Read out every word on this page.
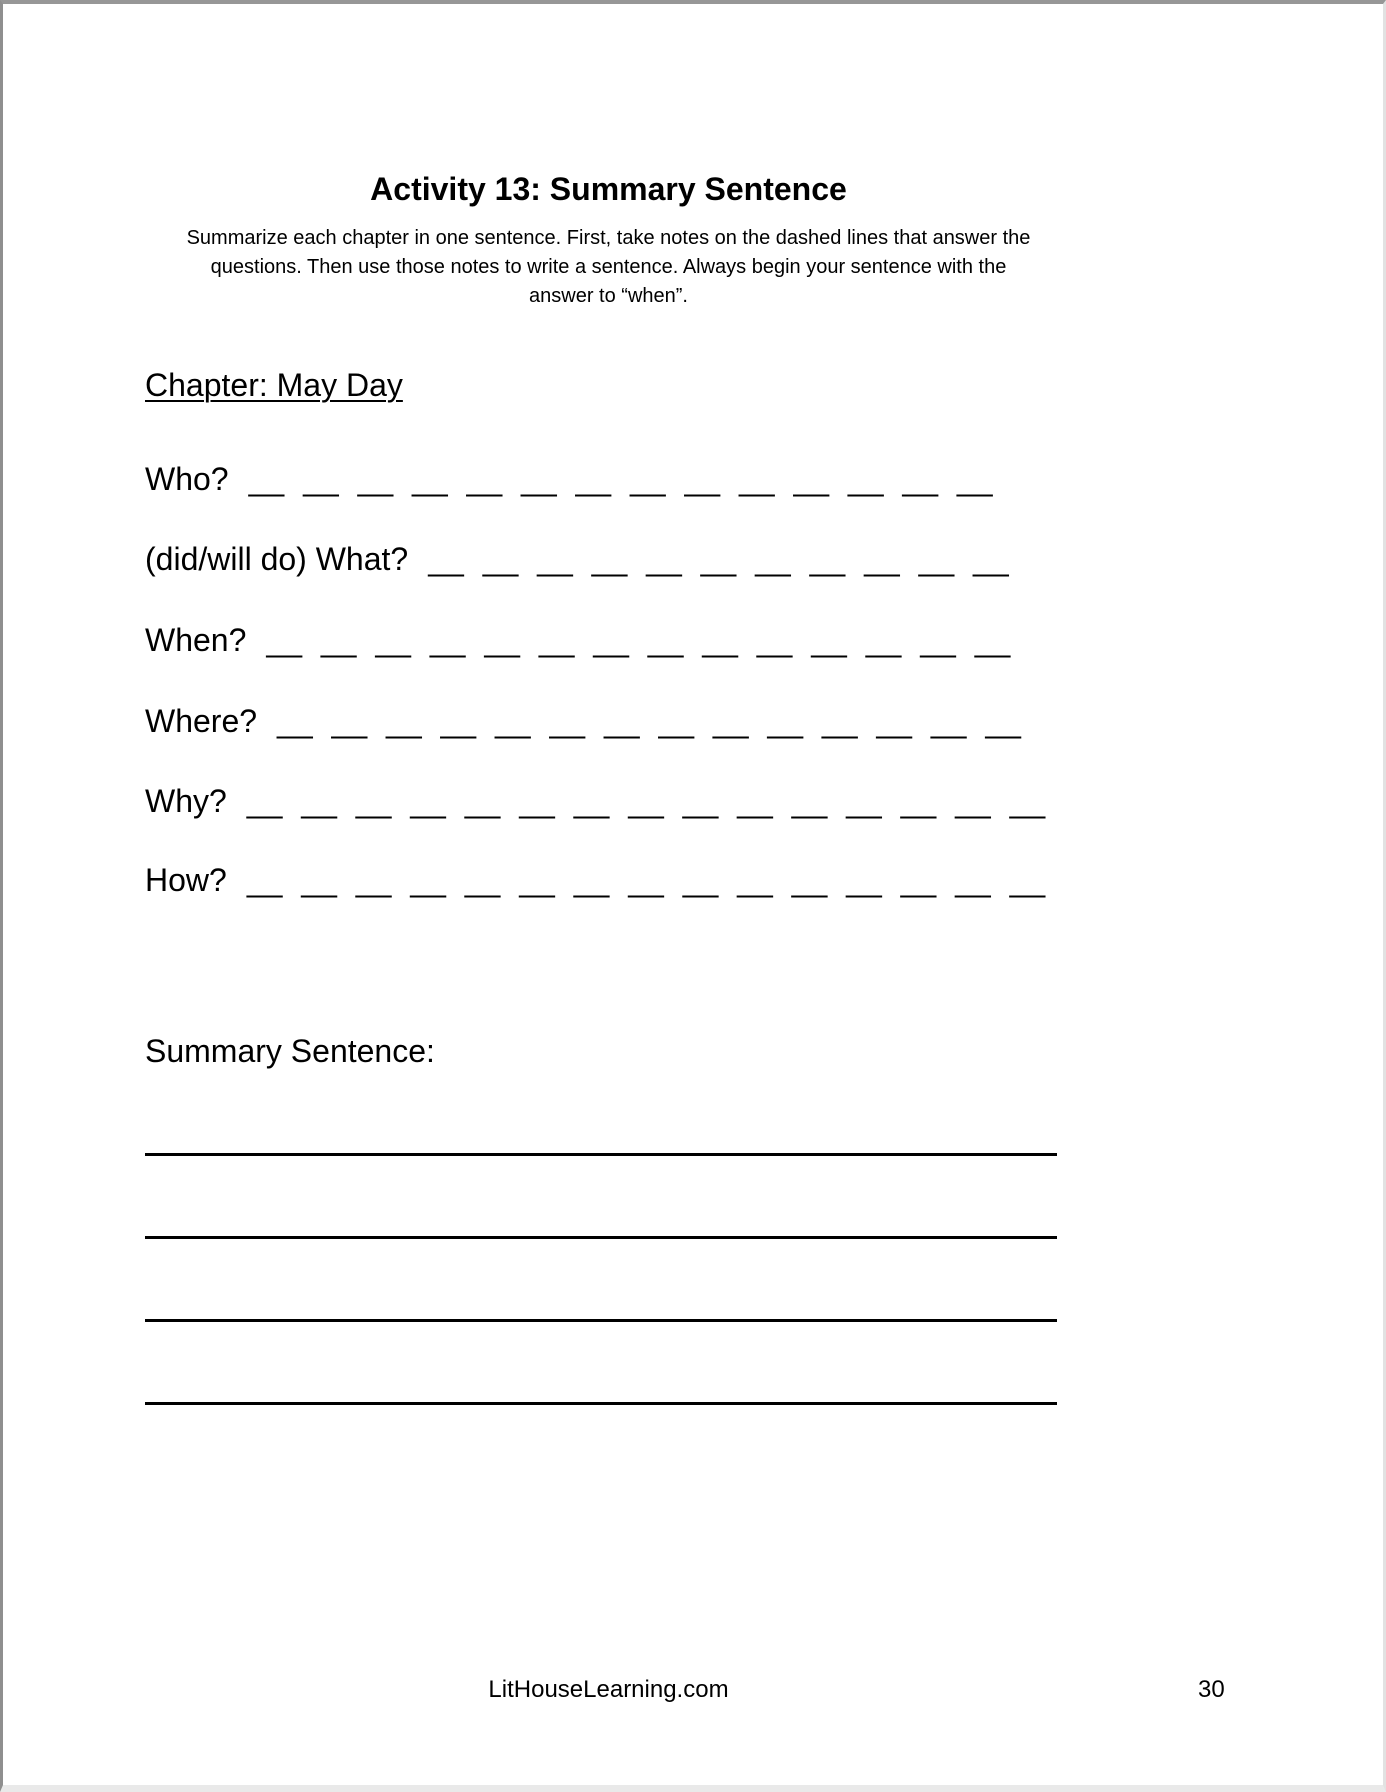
Activity 13: Summary Sentence
Summarize each chapter in one sentence. First, take notes on the dashed lines that answer the
questions. Then use those notes to write a sentence. Always begin your sentence with the
answer to “when”.
Chapter: May Day
Who? __ __ __ __ __ __ __ __ __ __ __ __ __ __
(did/will do) What? __ __ __ __ __ __ __ __ __ __ __
When? __ __ __ __ __ __ __ __ __ __ __ __ __ __
Where? __ __ __ __ __ __ __ __ __ __ __ __ __ __
Why? __ __ __ __ __ __ __ __ __ __ __ __ __ __ __
How? __ __ __ __ __ __ __ __ __ __ __ __ __ __ __
Summary Sentence:
LitHouseLearning.com	30
